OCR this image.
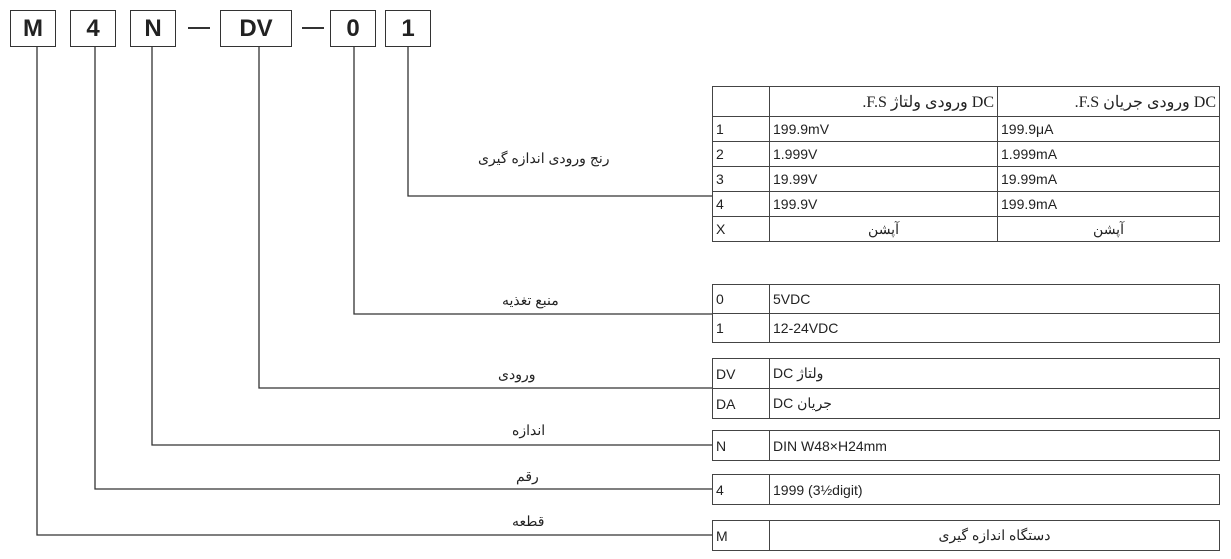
M	4	N	DV	0	1
رنج ورودی اندازه گیری
منبع تغذیه
ورودی
اندازه
رقم
قطعه
	DC ورودی ولتاژ F.S.	DC ورودی جریان F.S.
1	199.9mV	199.9μA
2	1.999V	1.999mA
3	19.99V	19.99mA
4	199.9V	199.9mA
X	آپشن	آپشن
0	5VDC
1	12-24VDC
DV	ولتاژ DC
DA	جریان DC
N	DIN W48×H24mm
4	1999 (3½digit)
M	دستگاه اندازه گیری
